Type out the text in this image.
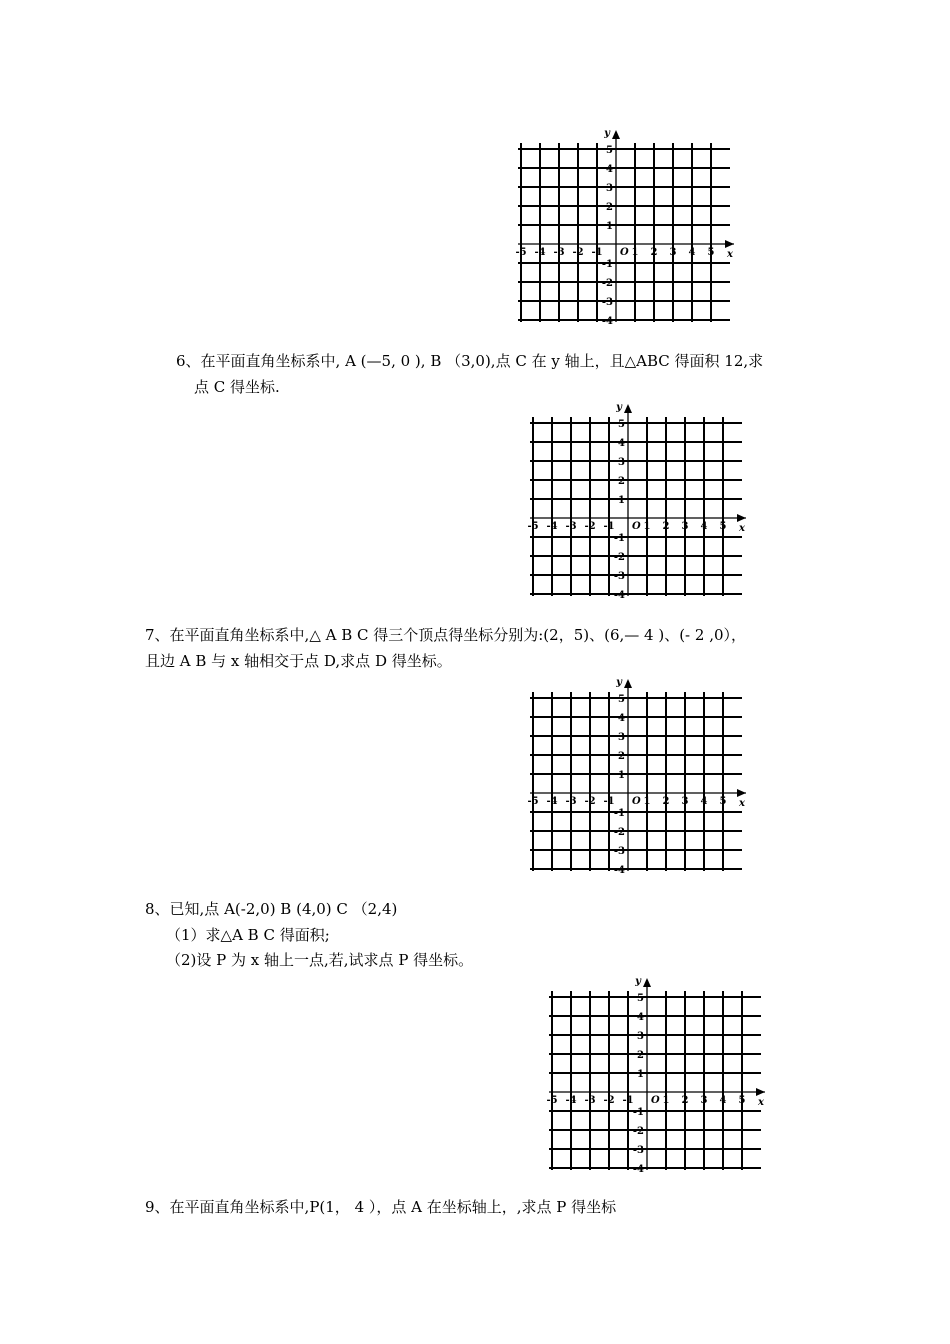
-5 -4 -3 -2 -1	1 2 3 4 5
5
4
3
2
1
-1
-2
-3
-4
O	x
y
6、在平面直角坐标系中, A (—5, 0 ), B （3,0),点 C 在 y 轴上，且△ABC 得面积 12,求
点 C 得坐标.
-5 -4 -3 -2 -1	1 2 3 4 5
5
4
3
2
1
-1
-2
-3
-4
O	x
y
7、在平面直角坐标系中,△ A B C 得三个顶点得坐标分别为:(2，5)、(6,— 4 )、(- 2 ,0），
且边 A B 与 x 轴相交于点 D,求点 D 得坐标。
-5 -4 -3 -2 -1	1 2 3 4 5
5
4
3
2
1
-1
-2
-3
-4
O	x
y
8、已知,点 A(-2,0) B (4,0) C （2,4)
（1）求△A B C 得面积;
（2)设 P 为 x 轴上一点,若,试求点 P 得坐标。
-5 -4 -3 -2 -1	1 2 3 4 5
5
4
3
2
1
-1
-2
-3
-4
O	x
y
9、在平面直角坐标系中,P(1， 4 ），点 A 在坐标轴上，,求点 P 得坐标
